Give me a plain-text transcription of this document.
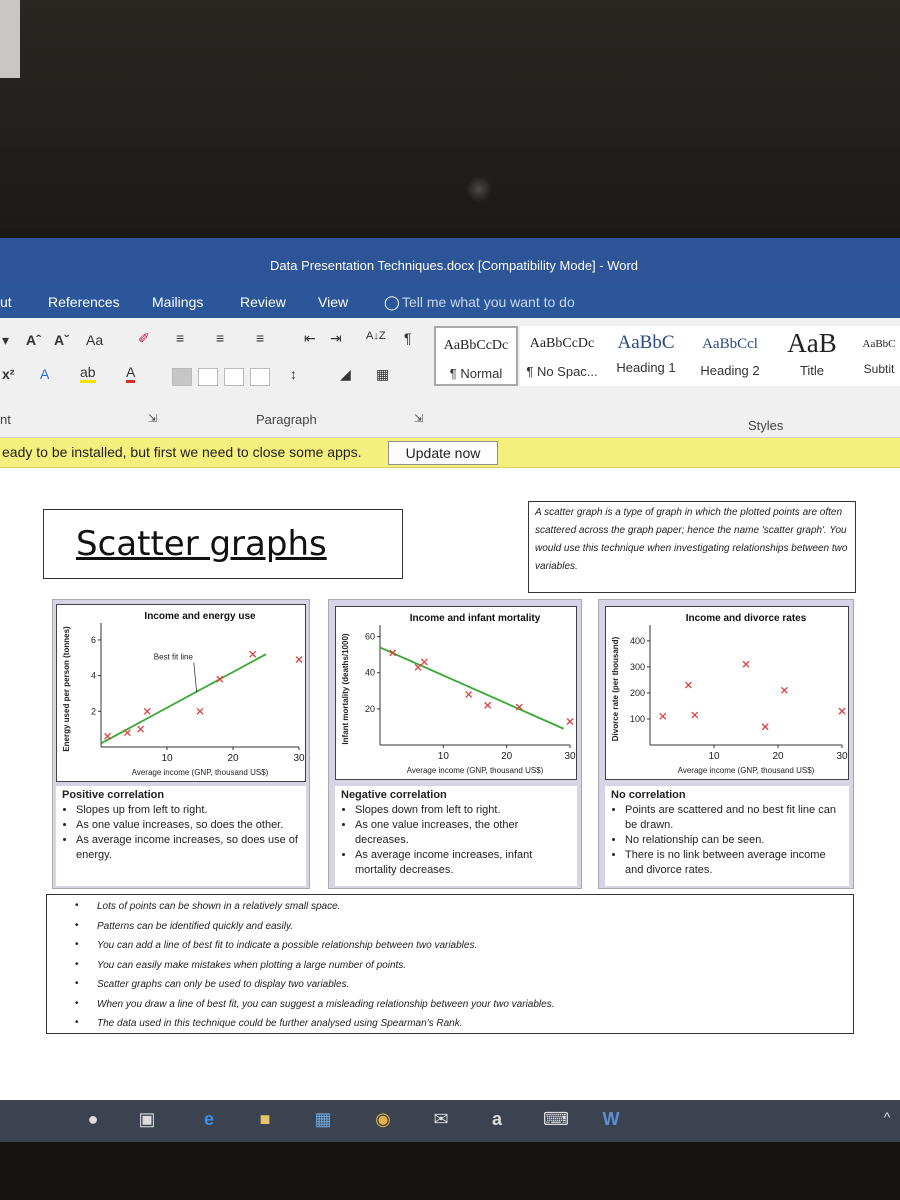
Data Presentation Techniques.docx [Compatibility Mode] - Word
ut	References Mailings	Review View	◯ Tell me what you want to do
▾ Aˆ Aˇ Aa ✐ ≡ ≡ ≡	⇤ ⇥ A↓Z ¶
x² A ab A	↕	◢ ▦
AaBbCcDc
¶ Normal
AaBbCcDc
¶ No Spac...
AaBbC
Heading 1
AaBbCcl
Heading 2
AaB
Title
AaBbC
Subtit
nt	⇲	Paragraph	⇲	Styles
eady to be installed, but first we need to close some apps.	Update now
Scatter graphs
A scatter graph is a type of graph in which the plotted points are often scattered across the graph paper; hence the name 'scatter graph'. You would use this technique when investigating relationships between two variables.
Income and energy use
10	20	30
2
4
6
Average income (GNP, thousand US$)
Energy used per person (tonnes)	Best fit line
Positive correlation
• Slopes up from left to right.
• As one value increases, so does the other.
• As average income increases, so does use of energy.
Income and infant mortality
10	20	30
20
40
60
Average income (GNP, thousand US$)
Infant mortality (deaths/1000)
Negative correlation
• Slopes down from left to right.
• As one value increases, the other decreases.
• As average income increases, infant mortality decreases.
Income and divorce rates
10	20	30
100
200
300
400
Average income (GNP, thousand US$)
Divorce rate (per thousand)
No correlation
• Points are scattered and no best fit line can be drawn.
• No relationship can be seen.
• There is no link between average income and divorce rates.
• Lots of points can be shown in a relatively small space.
• Patterns can be identified quickly and easily.
• You can add a line of best fit to indicate a possible relationship between two variables.
• You can easily make mistakes when plotting a large number of points.
• Scatter graphs can only be used to display two variables.
• When you draw a line of best fit, you can suggest a misleading relationship between your two variables.
• The data used in this technique could be further analysed using Spearman's Rank.
●	▣	e	■	▦ ◉	✉	a	⌨ W	^
